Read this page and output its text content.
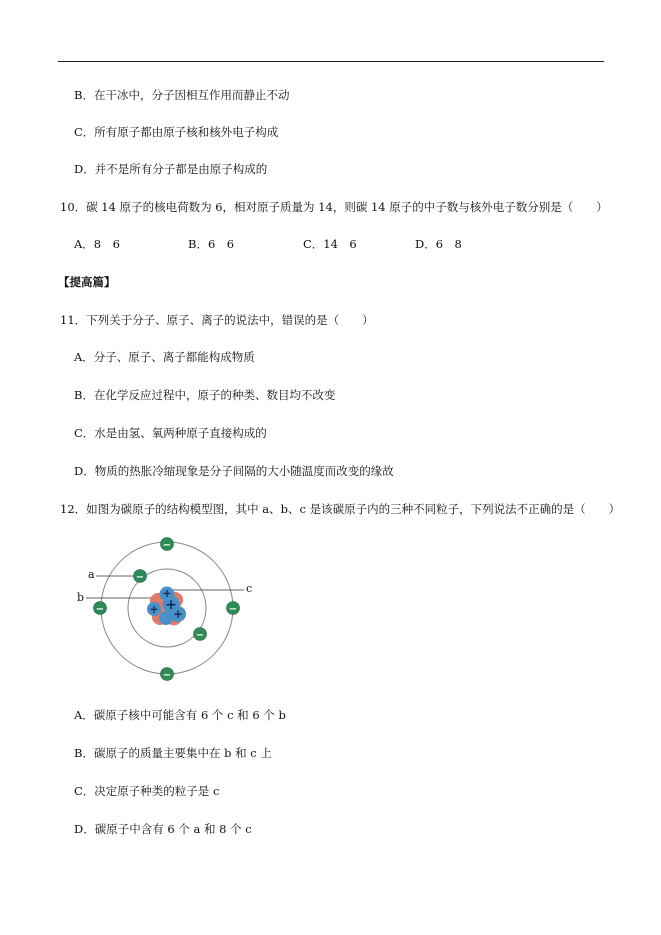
B．在干冰中，分子因相互作用而静止不动
C．所有原子都由原子核和核外电子构成
D．并不是所有分子都是由原子构成的
10．碳 14 原子的核电荷数为 6，相对原子质量为 14，则碳 14 原子的中子数与核外电子数分别是（　　）
A．8　6	B．6　6	C．14　6	D．6　8
【提高篇】
11．下列关于分子、原子、离子的说法中，错误的是（　　）
A．分子、原子、离子都能构成物质
B．在化学反应过程中，原子的种类、数目均不改变
C．水是由氢、氧两种原子直接构成的
D．物质的热胀冷缩现象是分子间隔的大小随温度而改变的缘故
12．如图为碳原子的结构模型图，其中 a、b、c 是该碳原子内的三种不同粒子，下列说法不正确的是（　　）
+
+ +
+
−
−
−	−
−
−
a
b
c
A．碳原子核中可能含有 6 个 c 和 6 个 b
B．碳原子的质量主要集中在 b 和 c 上
C．决定原子种类的粒子是 c
D．碳原子中含有 6 个 a 和 8 个 c
